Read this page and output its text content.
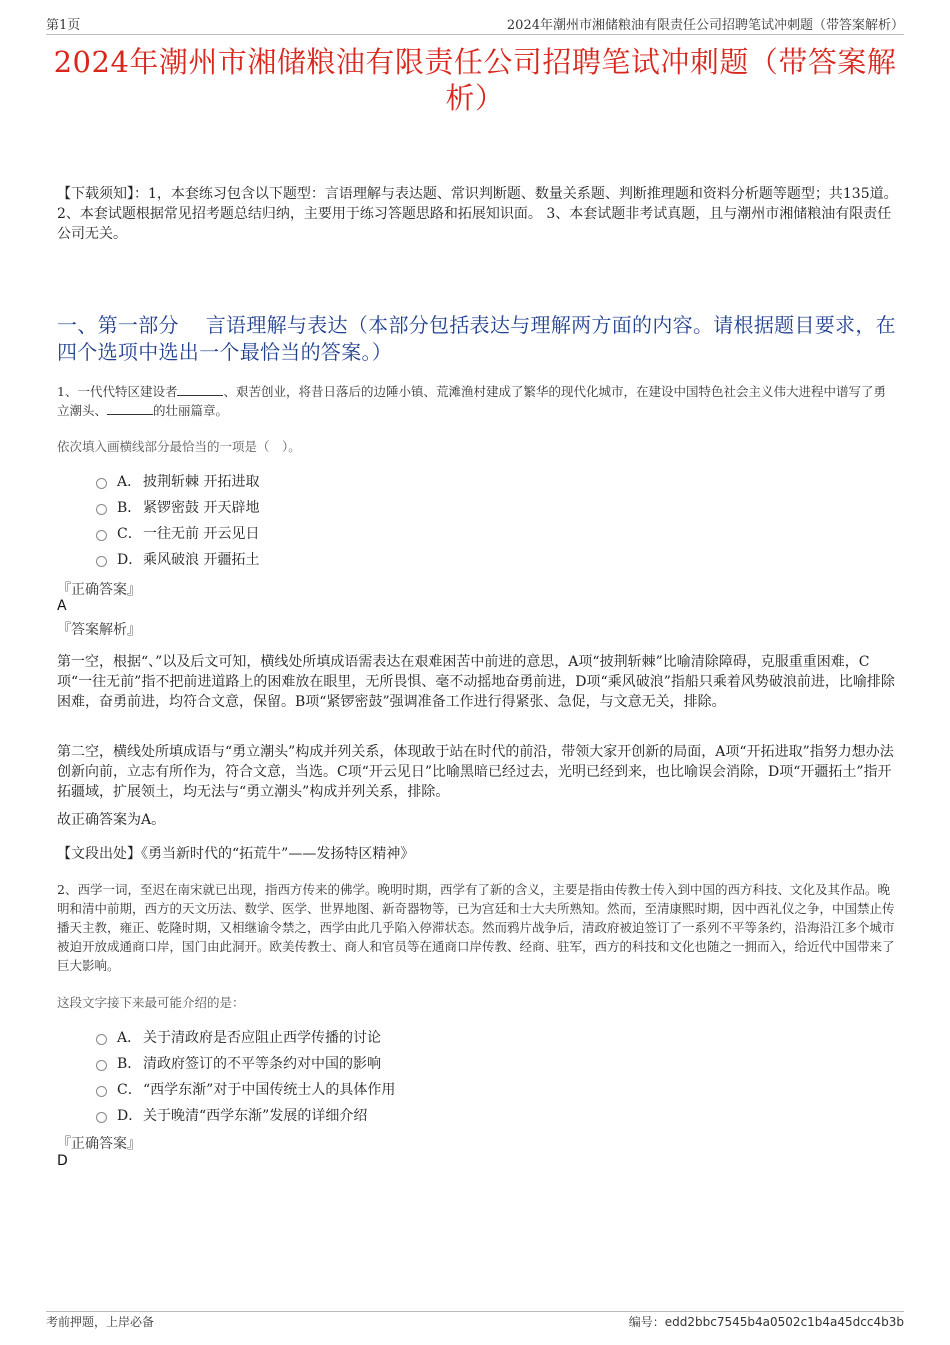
第1页	2024年潮州市湘储粮油有限责任公司招聘笔试冲刺题（带答案解析）
2024年潮州市湘储粮油有限责任公司招聘笔试冲刺题（带答案解析）
【下载须知】：1，本套练习包含以下题型：言语理解与表达题、常识判断题、数量关系题、判断推理题和资料分析题等题型；共135道。 2、本套试题根据常见招考题总结归纳，主要用于练习答题思路和拓展知识面。 3、本套试题非考试真题，且与潮州市湘储粮油有限责任公司无关。
一、第一部分　 言语理解与表达（本部分包括表达与理解两方面的内容。请根据题目要求，在四个选项中选出一个最恰当的答案。）
1、一代代特区建设者	、艰苦创业，将昔日落后的边陲小镇、荒滩渔村建成了繁华的现代化城市，在建设中国特色社会主义伟大进程中谱写了勇立潮头、	的壮丽篇章。
依次填入画横线部分最恰当的一项是（　）。
A． 披荆斩棘 开拓进取
B． 紧锣密鼓 开天辟地
C． 一往无前 开云见日
D． 乘风破浪 开疆拓土
『正确答案』
A
『答案解析』
第一空，根据“、”以及后文可知，横线处所填成语需表达在艰难困苦中前进的意思，A项“披荆斩棘”比喻清除障碍，克服重重困难，C项“一往无前”指不把前进道路上的困难放在眼里，无所畏惧、毫不动摇地奋勇前进，D项“乘风破浪”指船只乘着风势破浪前进，比喻排除困难，奋勇前进，均符合文意，保留。B项“紧锣密鼓”强调准备工作进行得紧张、急促，与文意无关，排除。
第二空，横线处所填成语与“勇立潮头”构成并列关系，体现敢于站在时代的前沿，带领大家开创新的局面，A项“开拓进取”指努力想办法创新向前，立志有所作为，符合文意，当选。C项“开云见日”比喻黑暗已经过去，光明已经到来，也比喻误会消除，D项“开疆拓土”指开拓疆域，扩展领土，均无法与“勇立潮头”构成并列关系，排除。
故正确答案为A。
【文段出处】《勇当新时代的“拓荒牛”——发扬特区精神》
2、西学一词，至迟在南宋就已出现，指西方传来的佛学。晚明时期，西学有了新的含义，主要是指由传教士传入到中国的西方科技、文化及其作品。晚明和清中前期，西方的天文历法、数学、医学、世界地图、新奇器物等，已为宫廷和士大夫所熟知。然而，至清康熙时期，因中西礼仪之争，中国禁止传播天主教，雍正、乾隆时期，又相继谕令禁之，西学由此几乎陷入停滞状态。然而鸦片战争后，清政府被迫签订了一系列不平等条约，沿海沿江多个城市被迫开放成通商口岸，国门由此洞开。欧美传教士、商人和官员等在通商口岸传教、经商、驻军，西方的科技和文化也随之一拥而入，给近代中国带来了巨大影响。
这段文字接下来最可能介绍的是：
A． 关于清政府是否应阻止西学传播的讨论
B． 清政府签订的不平等条约对中国的影响
C． “西学东渐”对于中国传统士人的具体作用
D． 关于晚清“西学东渐”发展的详细介绍
『正确答案』
D
考前押题，上岸必备	编号：edd2bbc7545b4a0502c1b4a45dcc4b3b
